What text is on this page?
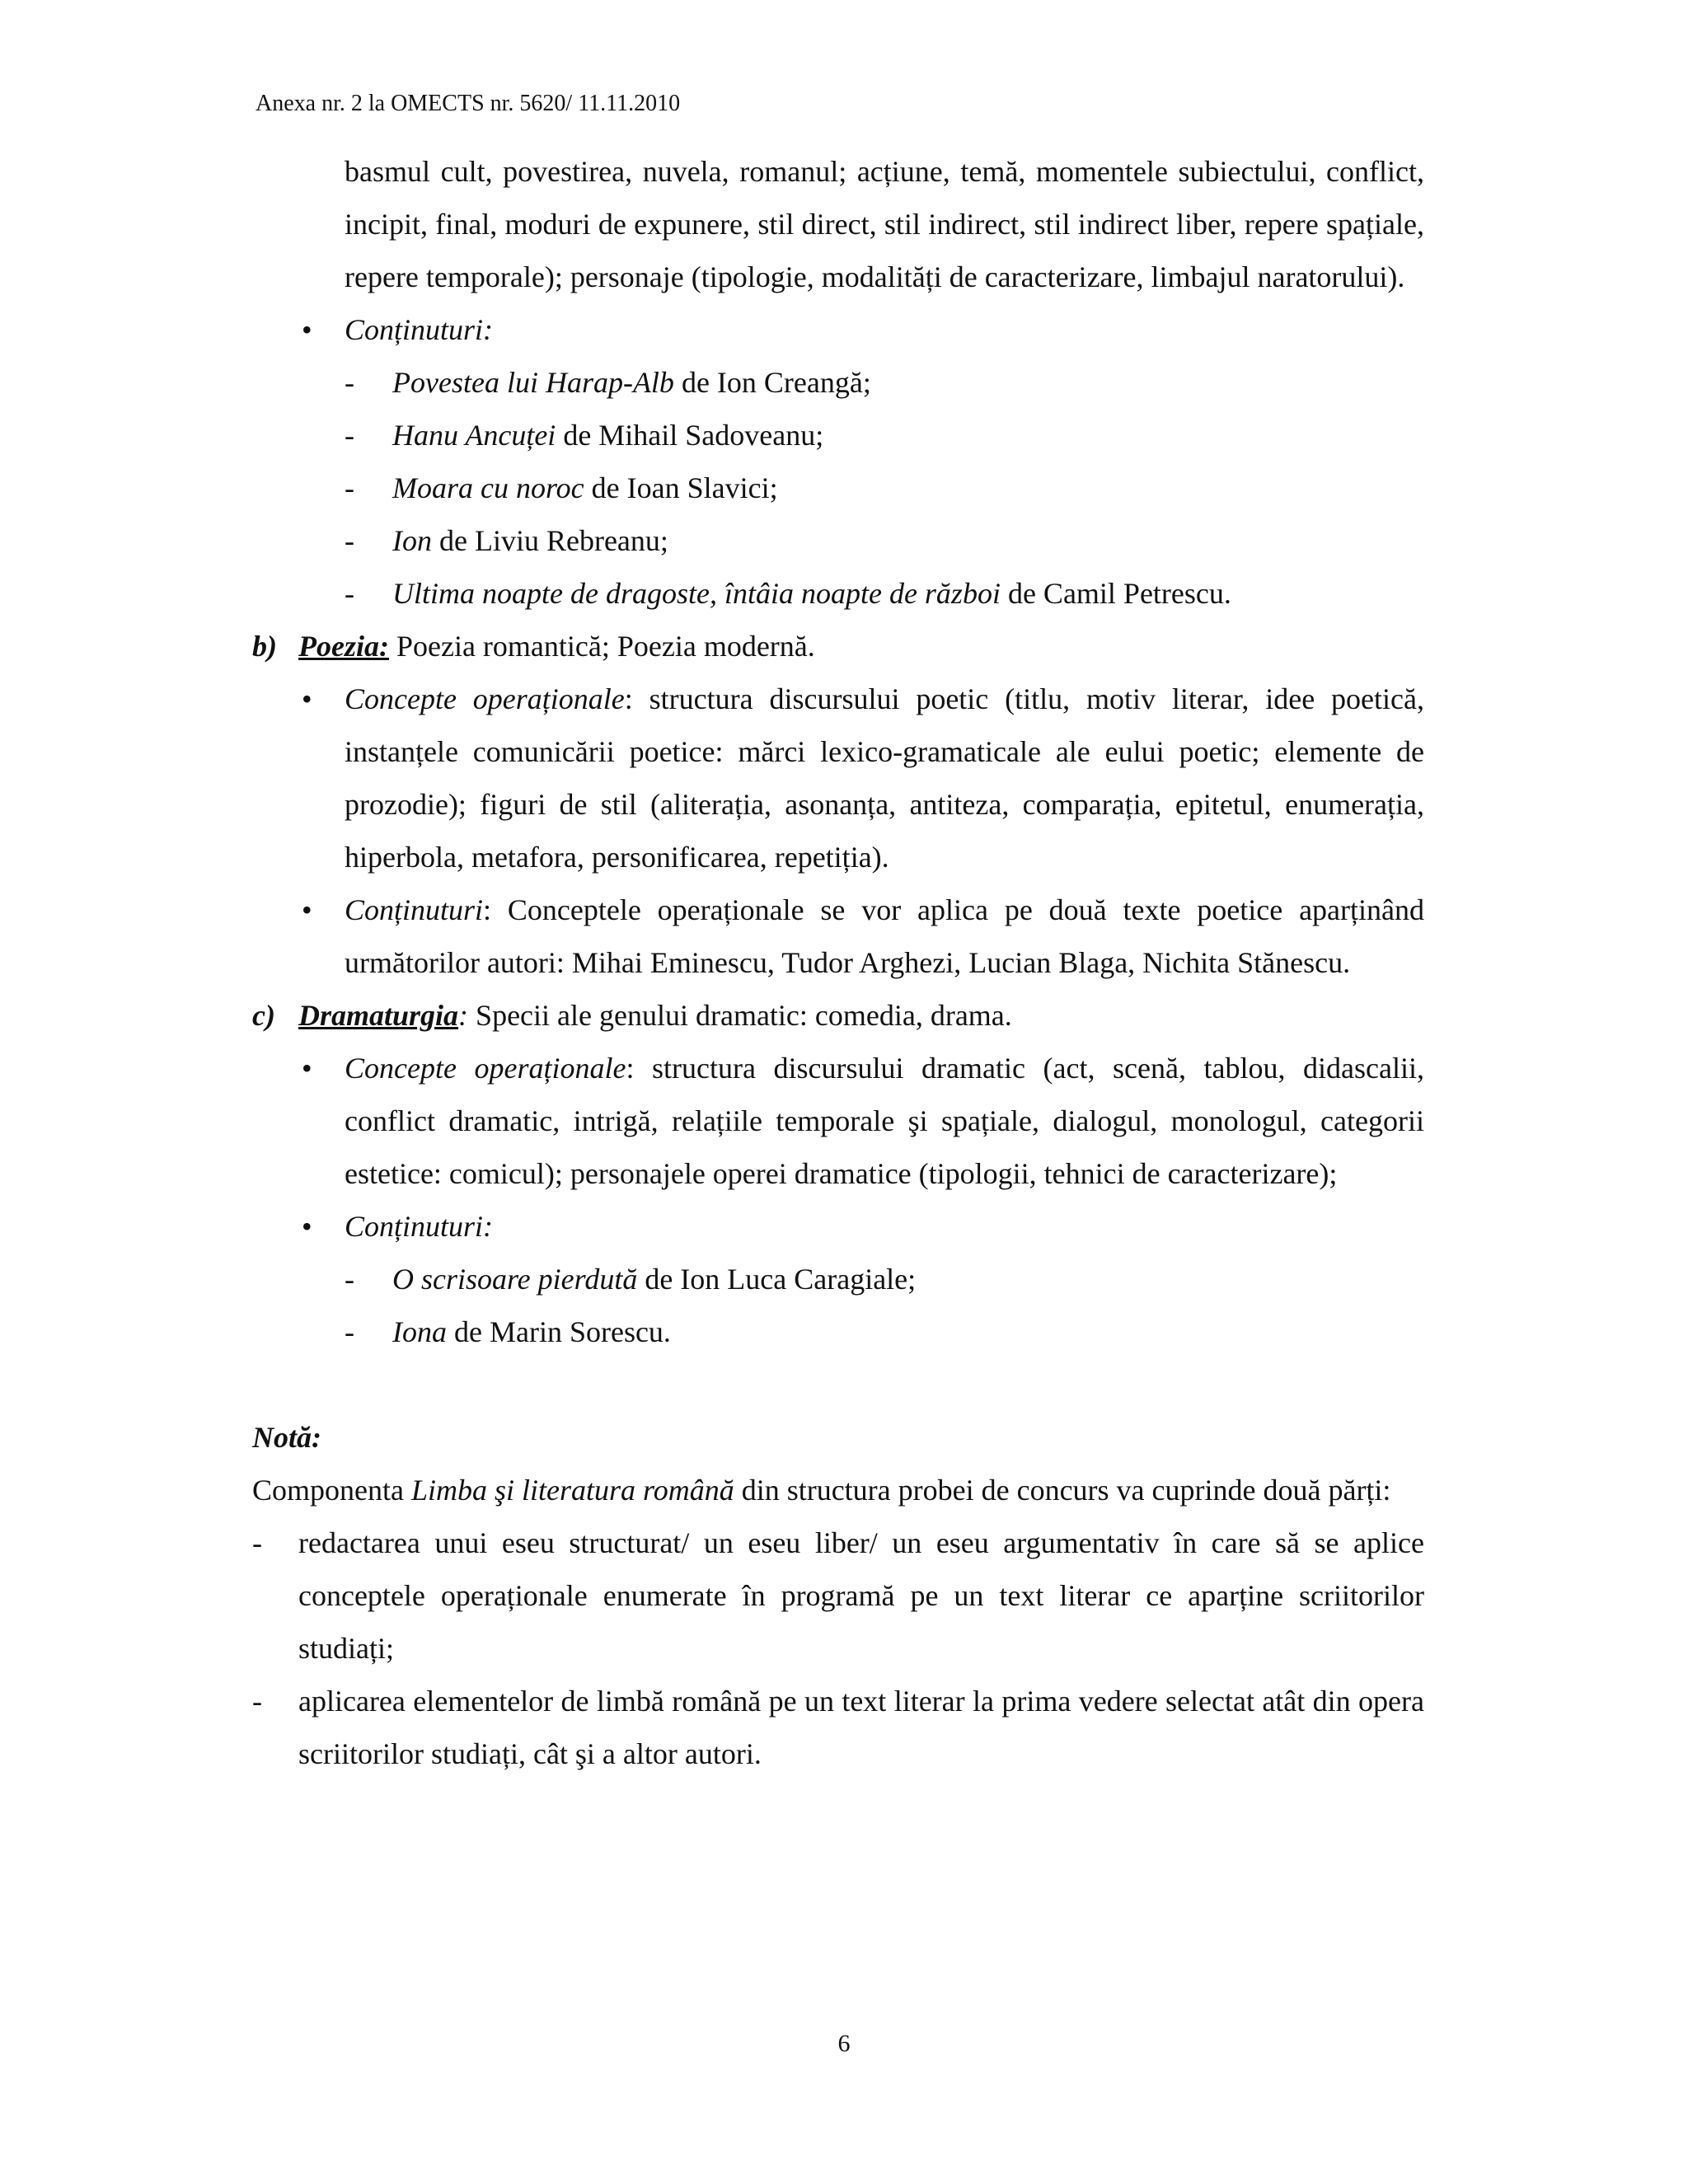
Anexa nr. 2 la OMECTS nr. 5620/ 11.11.2010

basmul cult, povestirea, nuvela, romanul; acțiune, temă, momentele subiectului, conflict, incipit, final, moduri de expunere, stil direct, stil indirect, stil indirect liber, repere spațiale, repere temporale); personaje (tipologie, modalități de caracterizare, limbajul naratorului).

• Conținuturi:
- Povestea lui Harap-Alb de Ion Creangă;
- Hanu Ancuței de Mihail Sadoveanu;
- Moara cu noroc de Ioan Slavici;
- Ion de Liviu Rebreanu;
- Ultima noapte de dragoste, întâia noapte de război de Camil Petrescu.
b) Poezia: Poezia romantică; Poezia modernă.
• Concepte operaționale: structura discursului poetic (titlu, motiv literar, idee poetică, instanțele comunicării poetice: mărci lexico-gramaticale ale eului poetic; elemente de prozodie); figuri de stil (aliterația, asonanța, antiteza, comparația, epitetul, enumerația, hiperbola, metafora, personificarea, repetiția).
• Conținuturi: Conceptele operaționale se vor aplica pe două texte poetice aparținând următorilor autori: Mihai Eminescu, Tudor Arghezi, Lucian Blaga, Nichita Stănescu.
c) Dramaturgia: Specii ale genului dramatic: comedia, drama.
• Concepte operaționale: structura discursului dramatic (act, scenă, tablou, didascalii, conflict dramatic, intrigă, relațiile temporale şi spațiale, dialogul, monologul, categorii estetice: comicul); personajele operei dramatice (tipologii, tehnici de caracterizare);
• Conținuturi:
- O scrisoare pierdută de Ion Luca Caragiale;
- Iona de Marin Sorescu.

Notă:

Componenta Limba şi literatura română din structura probei de concurs va cuprinde două părți:

- redactarea unui eseu structurat/ un eseu liber/ un eseu argumentativ în care să se aplice conceptele operaționale enumerate în programă pe un text literar ce aparține scriitorilor studiați;
- aplicarea elementelor de limbă română pe un text literar la prima vedere selectat atât din opera scriitorilor studiați, cât şi a altor autori.
6
